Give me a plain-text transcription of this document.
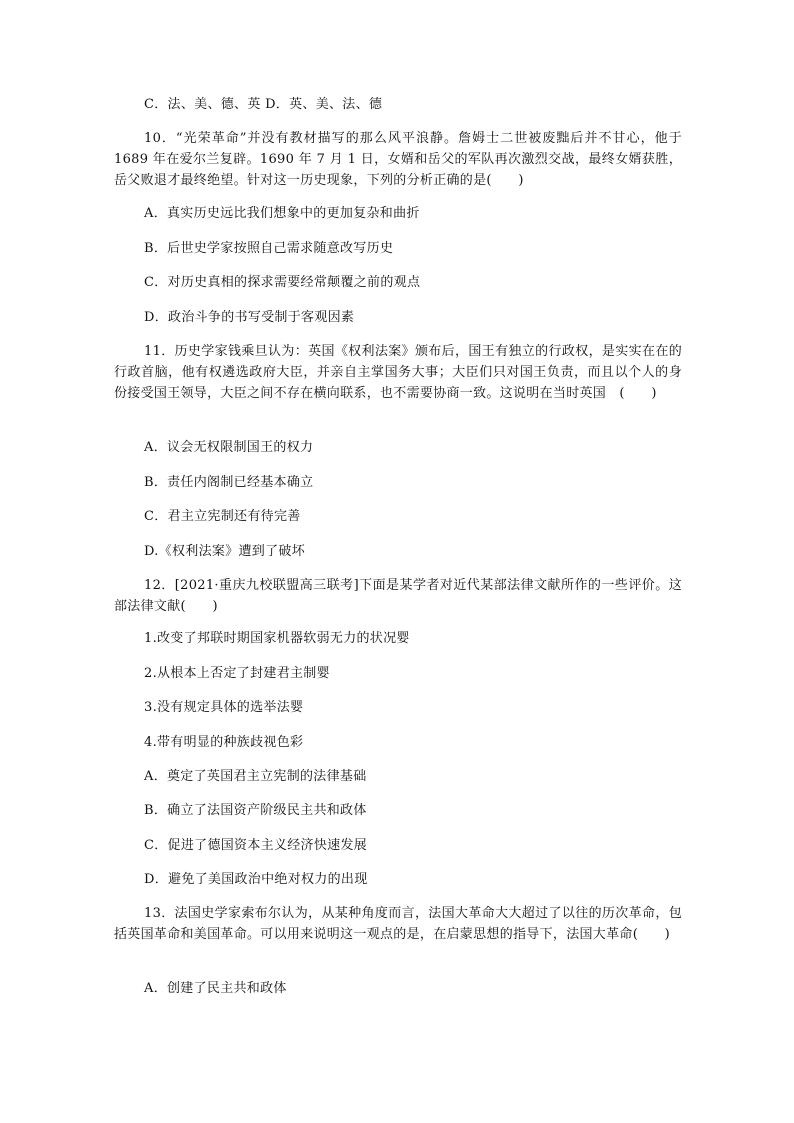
C．法、美、德、英 D．英、美、法、德

10．“光荣革命”并没有教材描写的那么风平浪静。詹姆士二世被废黜后并不甘心，他于 1689 年在爱尔兰复辟。1690 年 7 月 1 日，女婿和岳父的军队再次激烈交战，最终女婿获胜，岳父败退才最终绝望。针对这一历史现象，下列的分析正确的是(　　)

A．真实历史远比我们想象中的更加复杂和曲折
B．后世史学家按照自己需求随意改写历史
C．对历史真相的探求需要经常颠覆之前的观点
D．政治斗争的书写受制于客观因素

11．历史学家钱乘旦认为：英国《权利法案》颁布后，国王有独立的行政权，是实实在在的行政首脑，他有权遴选政府大臣，并亲自主掌国务大事；大臣们只对国王负责，而且以个人的身份接受国王领导，大臣之间不存在横向联系，也不需要协商一致。这说明在当时英国　(　　)

A．议会无权限制国王的权力
B．责任内阁制已经基本确立
C．君主立宪制还有待完善
D.《权利法案》遭到了破坏

12．[2021·重庆九校联盟高三联考]下面是某学者对近代某部法律文献所作的一些评价。这部法律文献(　　)

1.改变了邦联时期国家机器软弱无力的状况婴
2.从根本上否定了封建君主制婴
3.没有规定具体的选举法婴
4.带有明显的种族歧视色彩
A．奠定了英国君主立宪制的法律基础
B．确立了法国资产阶级民主共和政体
C．促进了德国资本主义经济快速发展
D．避免了美国政治中绝对权力的出现

13．法国史学家索布尔认为，从某种角度而言，法国大革命大大超过了以往的历次革命，包括英国革命和美国革命。可以用来说明这一观点的是，在启蒙思想的指导下，法国大革命(　　)

A．创建了民主共和政体
